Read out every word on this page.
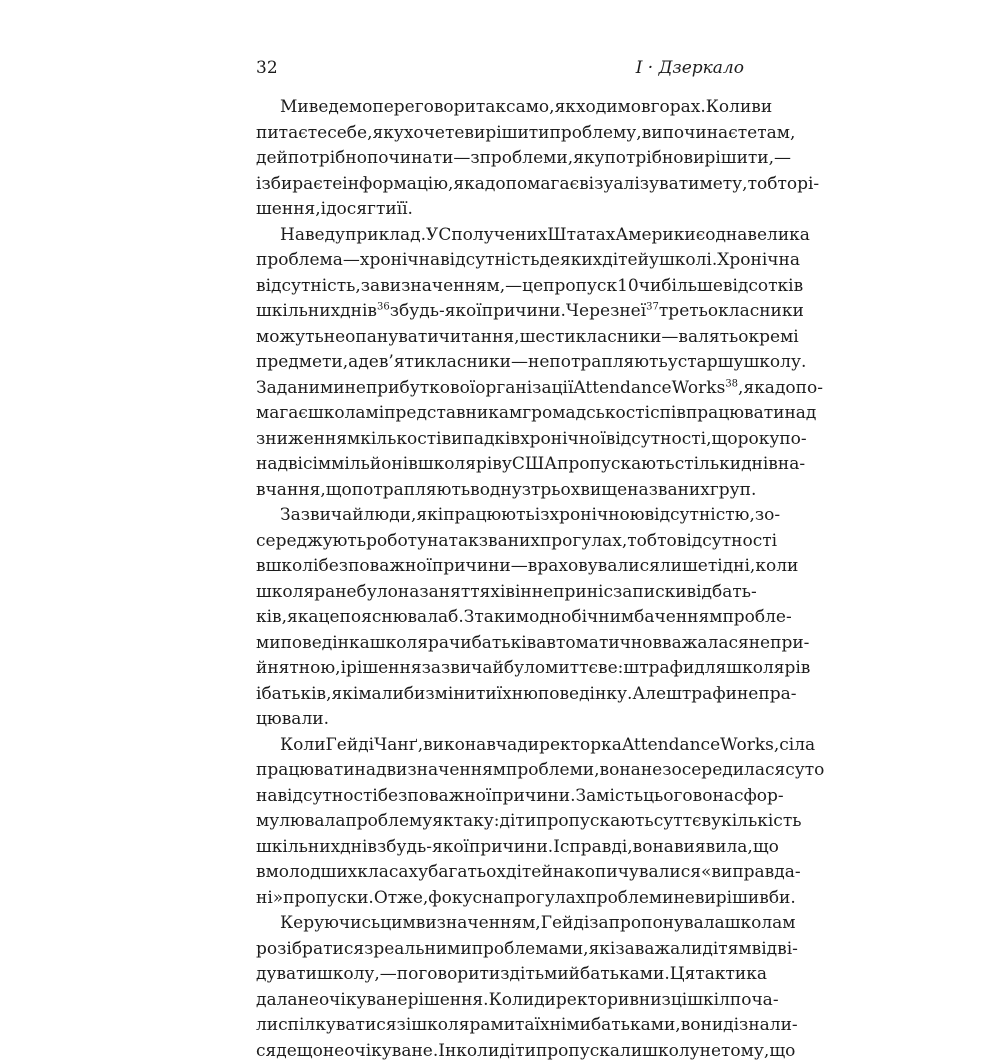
32	I · Дзеркало
Ми ведемо переговори так само, як ходимо в горах. Коли ви
питаєте себе, яку хочете вирішити проблему, ви починаєте там,
де й потрібно починати — з проблеми, яку потрібно вирішити, —
і збираєте інформацію, яка допомагає візуалізувати мету, тобто рі-
шення, і досягти її.
Наведу приклад. У Сполучених Штатах Америки є одна велика
проблема — хронічна відсутність деяких дітей у школі. Хронічна
відсутність, за визначенням, — це пропуск 10 чи більше відсотків
шкільних днів$^{36}$ з будь-якої причини. Через неї$^{37}$ третьокласники
можуть не опанувати читання, шестикласники — валять окремі
предмети, а дев’ятикласники — не потрапляють у старшу школу.
За даними неприбуткової організації Attendance Works$^{38}$, яка допо-
магає школам і представникам громадськості співпрацювати над
зниженням кількості випадків хронічної відсутності, щороку по-
над вісім мільйонів школярів у США пропускають стільки днів на-
вчання, що потрапляють в одну з трьох вищеназваних груп.
Зазвичай люди, які працюють із хронічною відсутністю, зо-
середжують роботу на так званих прогулах, тобто відсутності
в школі без поважної причини — враховувалися лише ті дні, коли
школяра не було на заняттях і він не приніс записки від бать-
ків, яка це пояснювала б. З таким однобічним баченням пробле-
ми поведінка школяра чи батьків автоматично вважалася непри-
йнятною, і рішення зазвичай було миттєве: штрафи для школярів
і батьків, які мали би змінити їхню поведінку. Але штрафи не пра-
цювали.
Коли Гейді Чанґ, виконавча директорка Attendance Works, сіла
працювати над визначенням проблеми, вона не зосередилася суто
на відсутності без поважної причини. Замість цього вона сфор-
мулювала проблему як таку: діти пропускають суттєву кількість
шкільних днів з будь-якої причини. І справді, вона виявила, що
в молодших класах у багатьох дітей накопичувалися «виправда-
ні» пропуски. Отже, фокус на прогулах проблеми не вирішив би.
Керуючись цим визначенням, Гейді запропонувала школам
розібратися з реальними проблемами, які заважали дітям відві-
дувати школу, — поговорити з дітьми й батьками. Ця тактика
дала неочікуване рішення. Коли директори в низці шкіл поча-
ли спілкуватися зі школярами та їхніми батьками, вони дізнали-
ся дещо неочікуване. Інколи діти пропускали школу не тому, що
